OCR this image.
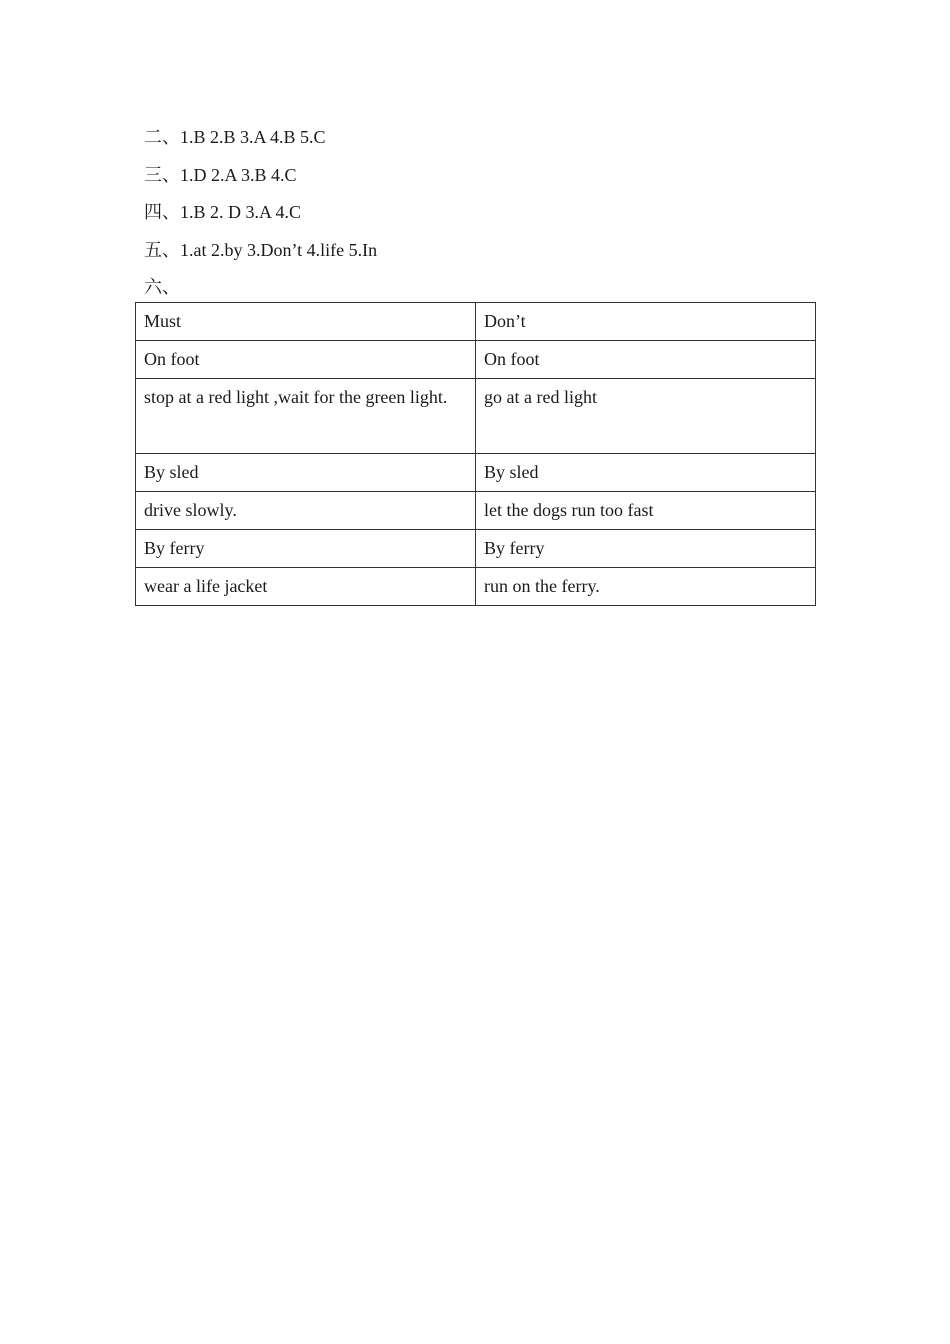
二、1.B 2.B 3.A 4.B 5.C
三、1.D 2.A 3.B 4.C
四、1.B 2. D 3.A 4.C
五、1.at 2.by 3.Don’t 4.life 5.In
六、
Must	Don’t
On foot	On foot
stop at a red light ,wait for the green light.	go at a red light
By sled	By sled
drive slowly.	let the dogs run too fast
By ferry	By ferry
wear a life jacket	run on the ferry.
